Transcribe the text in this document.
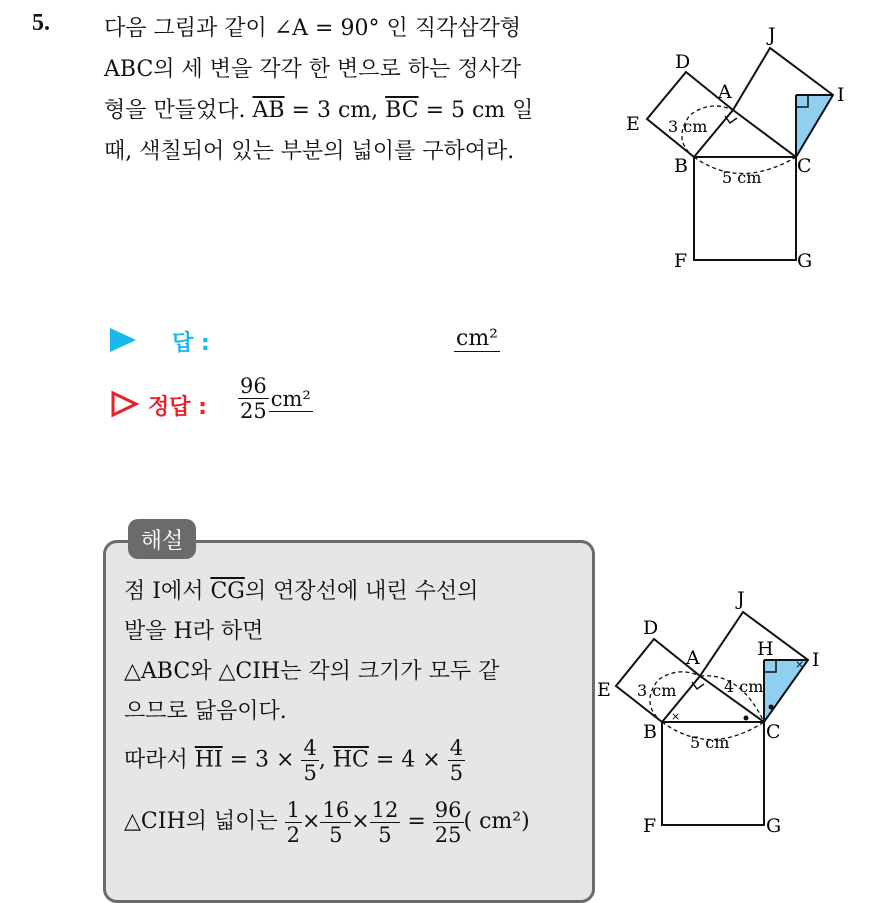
5. 다음 그림과 같이 ∠A = 90° 인 직각삼각형

ABC의 세 변을 각각 한 변으로 하는 정사각

형을 만들었다. $\overline{AB} = 3$ cm, $\overline{BC} = 5$ cm 일

때, 색칠되어 있는 부분의 넓이를 구하여라.

J
D
A	I
E
B	C
F	G
3 cm
5 cm
답 :	cm²
정답 : $\frac{96}{25} cm^2$
해설

점 I에서 $\overline{CG}$의 연장선에 내린 수선의

발을 H라 하면

△ABC와 △CIH는 각의 크기가 모두 같

으므로 닮음이다.

따라서 $\overline{HI} = 3 \times \frac{4}{5}$ , $\overline{HC} = 4 \times \frac{4}{5}$

△CIH의 넓이는 $\frac{1}{2} \times \frac{16}{5} \times \frac{12}{5} = \frac{96}{25}$ ( cm²)

×
×
J
D
A	H I
E
B	C
F	G
3 cm	4 cm
5 cm
